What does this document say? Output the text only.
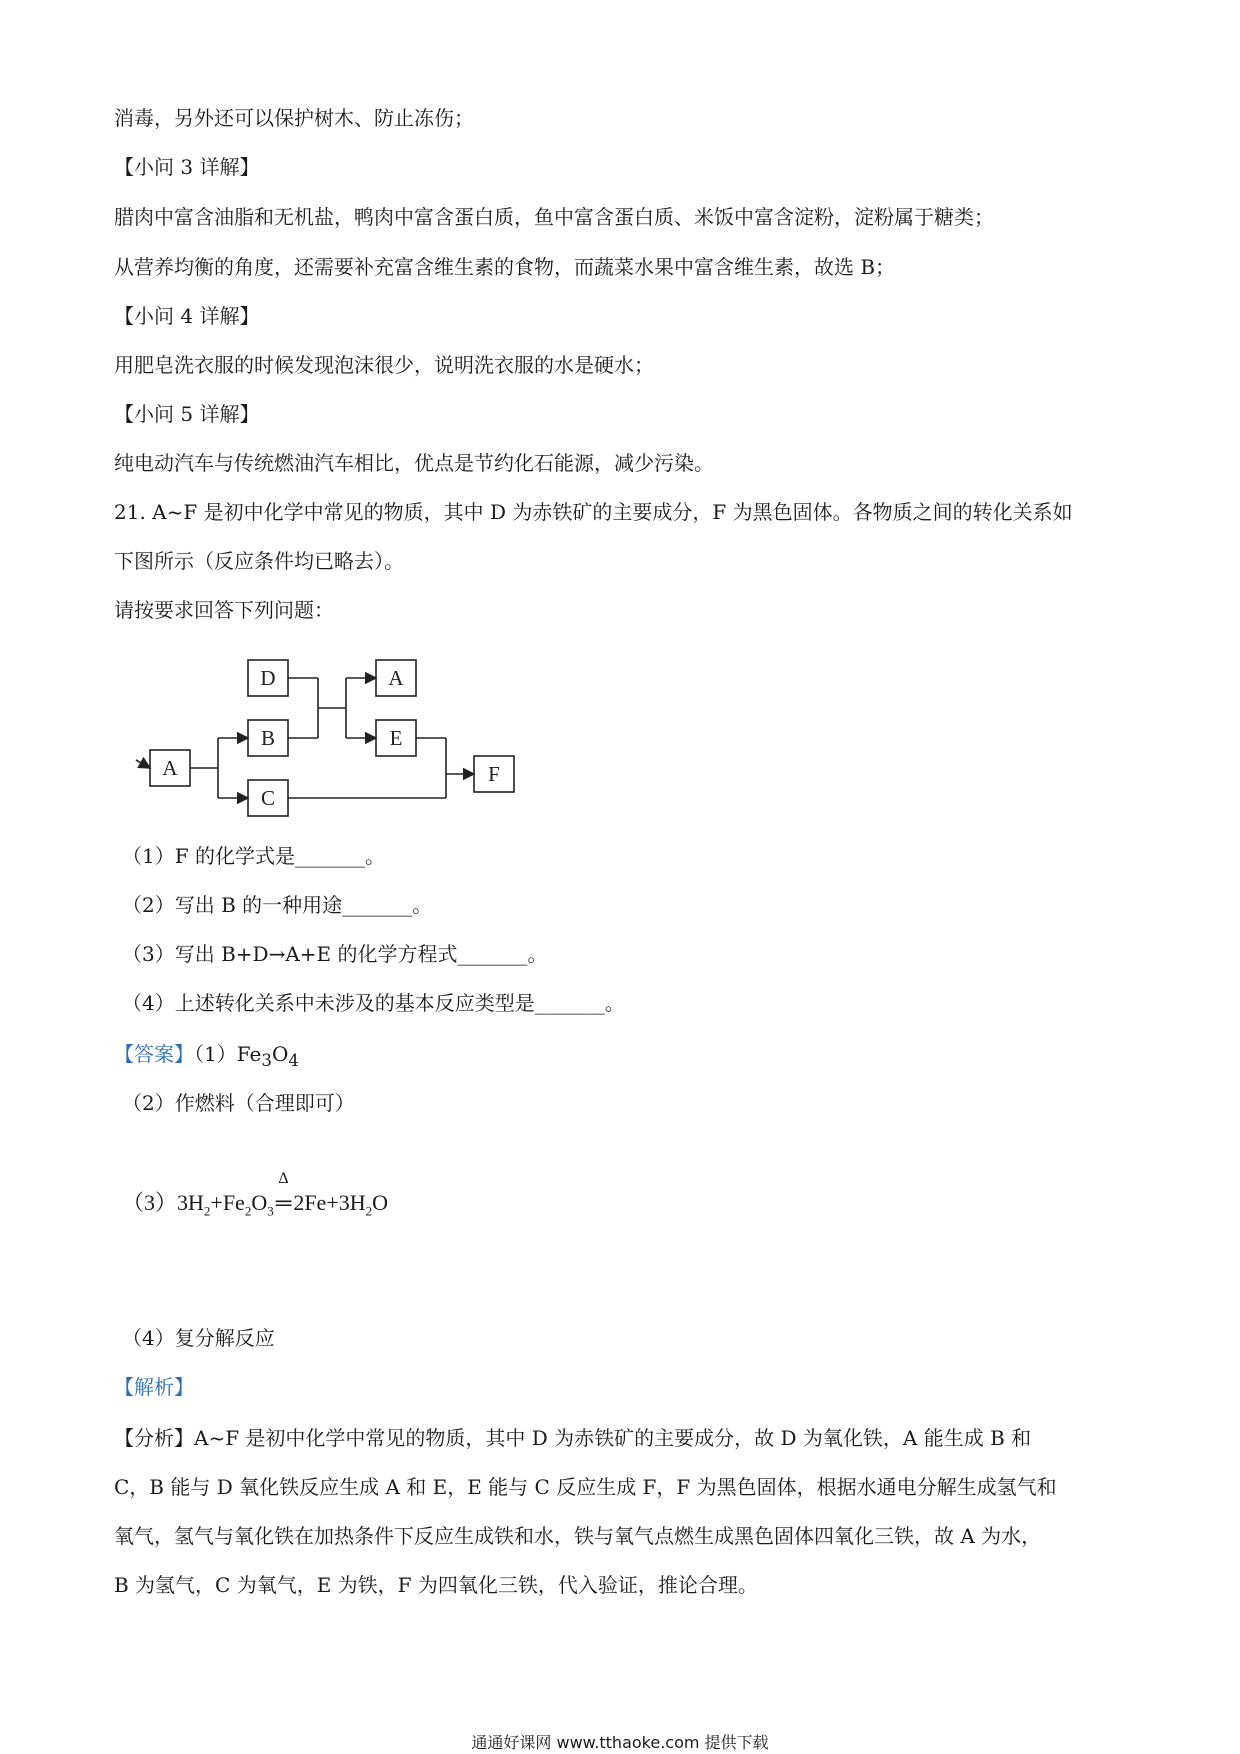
消毒，另外还可以保护树木、防止冻伤；
【小问 3 详解】
腊肉中富含油脂和无机盐，鸭肉中富含蛋白质，鱼中富含蛋白质、米饭中富含淀粉，淀粉属于糖类；
从营养均衡的角度，还需要补充富含维生素的食物，而蔬菜水果中富含维生素，故选 B；
【小问 4 详解】
用肥皂洗衣服的时候发现泡沫很少，说明洗衣服的水是硬水；
【小问 5 详解】
纯电动汽车与传统燃油汽车相比，优点是节约化石能源，减少污染。
21. A~F 是初中化学中常见的物质，其中 D 为赤铁矿的主要成分，F 为黑色固体。各物质之间的转化关系如
下图所示（反应条件均已略去）。
请按要求回答下列问题：
A
B
C
D	A
E
F
（1）F 的化学式是_______。
（2）写出 B 的一种用途_______。
（3）写出 B+D→A+E 的化学方程式_______。
（4）上述转化关系中未涉及的基本反应类型是_______。
【答案】$(1)Fe_3O_4$
（2）作燃料（合理即可）
$(3)3H_2+Fe_2O_3$
Δ
$═2Fe+3H_2O$
（4）复分解反应
【解析】
【分析】A~F 是初中化学中常见的物质，其中 D 为赤铁矿的主要成分，故 D 为氧化铁，A 能生成 B 和
C，B 能与 D 氧化铁反应生成 A 和 E，E 能与 C 反应生成 F，F 为黑色固体，根据水通电分解生成氢气和
氧气，氢气与氧化铁在加热条件下反应生成铁和水，铁与氧气点燃生成黑色固体四氧化三铁，故 A 为水，
B 为氢气，C 为氧气，E 为铁，F 为四氧化三铁，代入验证，推论合理。
通通好课网 www.tthaoke.com 提供下载
